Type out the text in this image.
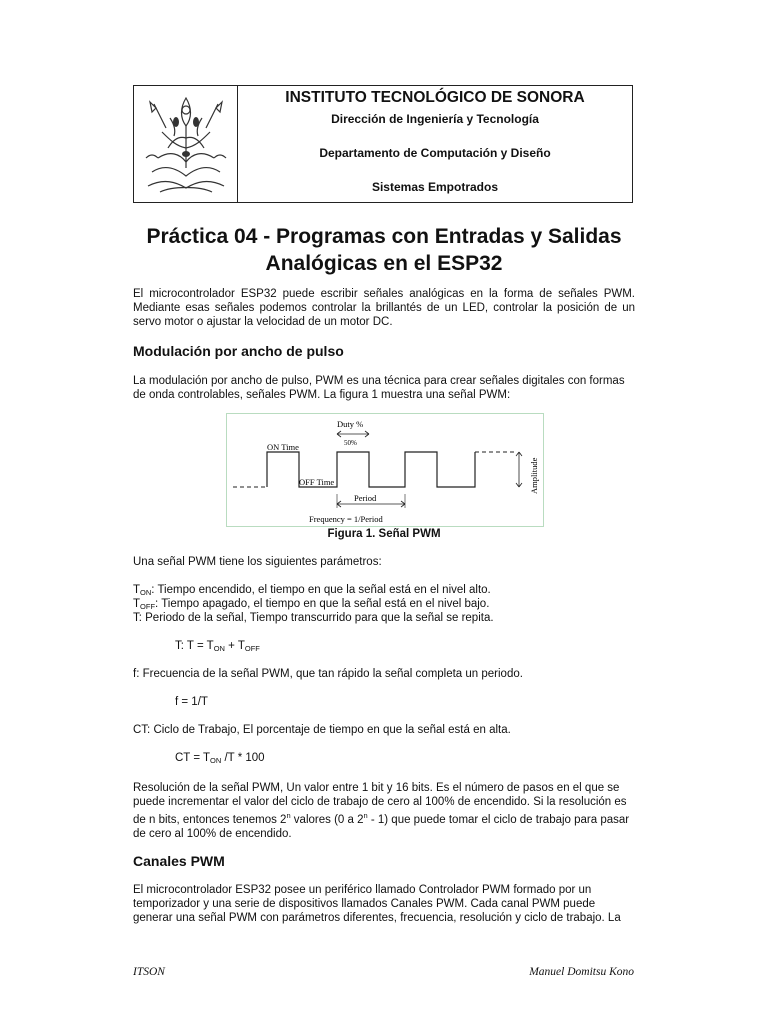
INSTITUTO TECNOLÓGICO DE SONORA
Dirección de Ingeniería y Tecnología
Departamento de Computación y Diseño
Sistemas Empotrados
Práctica 04 - Programas con Entradas y Salidas
Analógicas en el ESP32
El microcontrolador ESP32 puede escribir señales analógicas en la forma de señales PWM. Mediante esas señales podemos controlar la brillantés de un LED, controlar la posición de un servo motor o ajustar la velocidad de un motor DC.
Modulación por ancho de pulso
La modulación por ancho de pulso, PWM es una técnica para crear señales digitales con formas de onda controlables, señales PWM. La figura 1 muestra una señal PWM:
Duty %
50%
ON Time
OFF Time
Period
Frequency = 1/Period
Amplitude
Figura 1. Señal PWM
Una señal PWM tiene los siguientes parámetros:
$T_{ON}$: Tiempo encendido, el tiempo en que la señal está en el nivel alto.
$T_{OFF}$: Tiempo apagado, el tiempo en que la señal está en el nivel bajo.
T: Periodo de la señal, Tiempo transcurrido para que la señal se repita.
T: $T = T_{ON} + T_{OFF}$
f: Frecuencia de la señal PWM, que tan rápido la señal completa un periodo.
f = 1/T
CT: Ciclo de Trabajo, El porcentaje de tiempo en que la señal está en alta.
CT = $T_{ON}$ /T * 100
Resolución de la señal PWM, Un valor entre 1 bit y 16 bits. Es el número de pasos en el que se puede incrementar el valor del ciclo de trabajo de cero al 100% de encendido. Si la resolución es de n bits, entonces tenemos 2$^n$ valores (0 a 2$^n$ - 1) que puede tomar el ciclo de trabajo para pasar de cero al 100% de encendido.
Canales PWM
El microcontrolador ESP32 posee un periférico llamado Controlador PWM formado por un temporizador y una serie de dispositivos llamados Canales PWM. Cada canal PWM puede generar una señal PWM con parámetros diferentes, frecuencia, resolución y ciclo de trabajo. La
ITSON	Manuel Domitsu Kono
